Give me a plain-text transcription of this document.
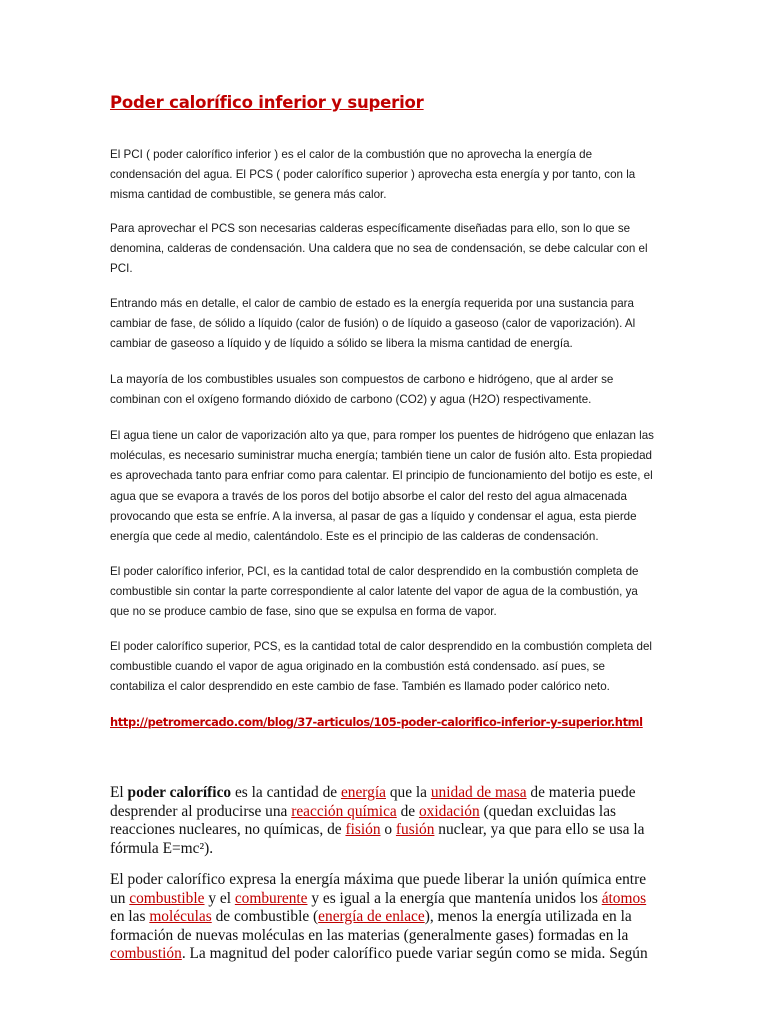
Poder calorífico inferior y superior

El PCI ( poder calorífico inferior ) es el calor de la combustión que no aprovecha la energía de condensación del agua. El PCS ( poder calorífico superior ) aprovecha esta energía y por tanto, con la misma cantidad de combustible, se genera más calor.

Para aprovechar el PCS son necesarias calderas específicamente diseñadas para ello, son lo que se denomina, calderas de condensación. Una caldera que no sea de condensación, se debe calcular con el PCI.

Entrando más en detalle, el calor de cambio de estado es la energía requerida por una sustancia para cambiar de fase, de sólido a líquido (calor de fusión) o de líquido a gaseoso (calor de vaporización). Al cambiar de gaseoso a líquido y de líquido a sólido se libera la misma cantidad de energía.

La mayoría de los combustibles usuales son compuestos de carbono e hidrógeno, que al arder se combinan con el oxígeno formando dióxido de carbono (CO2) y agua (H2O) respectivamente.

El agua tiene un calor de vaporización alto ya que, para romper los puentes de hidrógeno que enlazan las moléculas, es necesario suministrar mucha energía; también tiene un calor de fusión alto. Esta propiedad es aprovechada tanto para enfriar como para calentar. El principio de funcionamiento del botijo es este, el agua que se evapora a través de los poros del botijo absorbe el calor del resto del agua almacenada provocando que esta se enfríe. A la inversa, al pasar de gas a líquido y condensar el agua, esta pierde energía que cede al medio, calentándolo. Este es el principio de las calderas de condensación.

El poder calorífico inferior, PCI, es la cantidad total de calor desprendido en la combustión completa de combustible sin contar la parte correspondiente al calor latente del vapor de agua de la combustión, ya que no se produce cambio de fase, sino que se expulsa en forma de vapor.

El poder calorífico superior, PCS, es la cantidad total de calor desprendido en la combustión completa del combustible cuando el vapor de agua originado en la combustión está condensado. así pues, se contabiliza el calor desprendido en este cambio de fase. También es llamado poder calórico neto.

http://petromercado.com/blog/37-articulos/105-poder-calorifico-inferior-y-superior.html

El poder calorífico es la cantidad de energía que la unidad de masa de materia puede desprender al producirse una reacción química de oxidación (quedan excluidas las reacciones nucleares, no químicas, de fisión o fusión nuclear, ya que para ello se usa la fórmula E=mc²).

El poder calorífico expresa la energía máxima que puede liberar la unión química entre un combustible y el comburente y es igual a la energía que mantenía unidos los átomos en las moléculas de combustible (energía de enlace), menos la energía utilizada en la formación de nuevas moléculas en las materias (generalmente gases) formadas en la combustión. La magnitud del poder calorífico puede variar según como se mida. Según
